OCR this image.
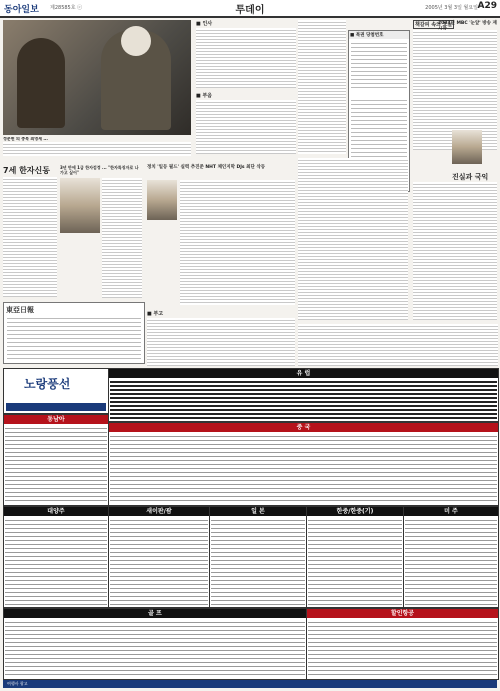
동아일보 제28585호 ⓒ	투데이	2005년 3월 3일 월요일 A29
정문헌 의 충북 최영세 ...
■ 인사
■ 부음
■ 복권 당첨번호
책갈피 속의 오늘
2003년 MBC '눈앞' 방송 재
진실과 국익
7세 한자신동	3년 만에 1급 한자검정 ... "한자특징자로 나가고 싶어"
정치 '일등 필드' 실력 추진준 NHT 체인지막 DJs 최단 삭등
東亞日報	■ 부고
노랑풍선
유 럽
동남아
중 국
대양주	새이판/괌	일 본	한중/한중(기)	미 주
골 프	할인항공
여행사 광고
